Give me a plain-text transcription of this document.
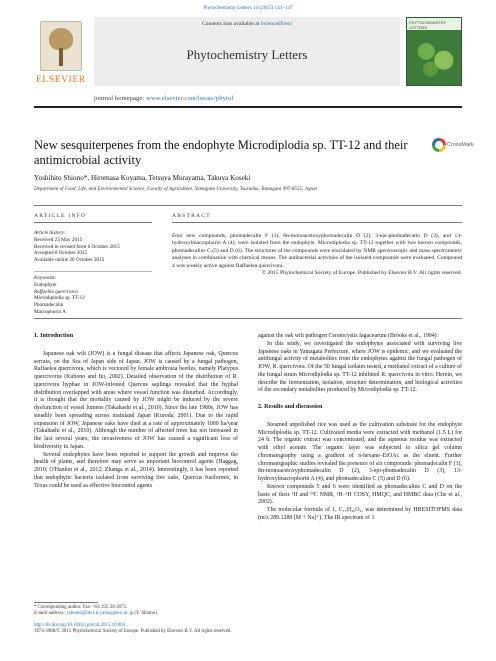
Phytochemistry Letters 14 (2015) 143–147
ELSEVIER
Contents lists available at ScienceDirect
Phytochemistry Letters
PHYTOCHEMISTRY LETTERS
journal homepage: www.elsevier.com/locate/phytol
New sesquiterpenes from the endophyte Microdiplodia sp. TT-12 and their antimicrobial activity
CrossMark
Yoshihito Shiono*, Hiromasa Koyama, Tetsuya Murayama, Takuya Koseki
Department of Food, Life, and Environmental Science, Faculty of Agriculture, Yamagata University, Tsuruoka, Yamagata 997-8555, Japan
ARTICLE INFO	ABSTRACT
Article history:
Received 23 May 2015
Received in revised form 6 October 2015
Accepted 8 October 2015
Available online 20 October 2015
Keywords:
Endophyte
Raffaelea quercivora
Microdiplodia sp. TT-12
Phomadecalin
Macrophorin A
Four new compounds, phomadecalin F (1), 8α-monoacetoxyphomadecalin D (2), 3-epi-phomadecalin D (3), and 13-hydroxylmacrophorin A (4), were isolated from the endophyte, Microdiplodia sp. TT-12 together with two known compounds, phomadecalins C (5) and D (6). The structures of the compounds were elucidated by NMR spectroscopic and mass spectrometric analyses in combination with chemical means. The antibacterial activities of the isolated compounds were evaluated. Compound 4 was weakly active against Raffaelea quercivora.
© 2015 Phytochemical Society of Europe. Published by Elsevier B.V. All rights reserved.
1. Introduction

Japanese oak wilt (JOW) is a fungal disease that affects Japanese oak, Quercus serrata, on the Sea of Japan side of Japan. JOW is caused by a fungal pathogen, Raffaelea quercivora, which is vectored by female ambrosia beetles, namely Platypus quercivorus (Kubono and Ito, 2002). Detailed observation of the distribution of R. quercivora hyphae in JOW-infested Quercus saplings revealed that the hyphal distribution overlapped with areas where vessel function was disturbed. Accordingly, it is thought that the mortality caused by JOW might be induced by the severe dysfunction of vessel lumens (Takahashi et al., 2010). Since the late 1980s, JOW has steadily been spreading across mainland Japan (Kuroda, 2001). Due to the rapid expansion of JOW, Japanese oaks have died at a rate of approximately 1000 ha/year (Takahashi et al., 2010). Although the number of affected trees has not increased in the last several years, the invasiveness of JOW has caused a significant loss of biodiversity in Japan.

Several endophytes have been reported to support the growth and improve the health of plants, and therefore may serve as important biocontrol agents (Haggag, 2010; O'Hanlon et al., 2012; Zhanga et al., 2014). Interestingly, it has been reported that endophytic bacteria isolated from surviving live oaks, Quercus fusiformis, in Texas could be used as effective biocontrol agents

against the oak wilt pathogen Ceratocystis fagacearum (Brooks et al., 1994).

In this study, we investigated the endophytes associated with surviving live Japanese oaks in Yamagata Prefecture, where JOW is epidemic, and we evaluated the antifungal activity of metabolites from the endophytes against the fungal pathogen of JOW, R. quercivora. Of the 50 fungal isolates tested, a methanol extract of a culture of the fungal strain Microdiplodia sp. TT-12 inhibited R. quercivora in vitro. Herein, we describe the fermentation, isolation, structure determination, and biological activities of the secondary metabolites produced by Microdiplodia sp. TT-12.

2. Results and discussion

Steamed unpolished rice was used as the cultivation substrate for the endophyte Microdiplodia sp. TT-12. Cultivated media were extracted with methanol (1.5 L) for 24 h. The organic extract was concentrated, and the aqueous residue was extracted with ethyl acetate. The organic layer was subjected to silica gel column chromatography using a gradient of n-hexane–EtOAc as the eluent. Further chromatographic studies revealed the presence of six compounds: phomadecalin F (1), 8α-monoacetoxyphomadecalin D (2), 3-epi-phomadecalin D (3), 13-hydroxylmacrophorin A (4), and phomadecalins C (5) and D (6).

Known compounds 5 and 6 were identified as phomadecalins C and D on the basis of their ¹H and ¹³C NMR, ¹H–¹H COSY, HMQC, and HMBC data (Che et al., 2002).

The molecular formula of 1, C₁₅H₂₆O₄, was determined by HRESITOFMS data (m/z 289.1289 [M + Na]⁺). The IR spectrum of 1

* Corresponding author. Fax: +81 235 28 2873.
E-mail address: yshiono@tds1.tr.yamagata-u.ac.jp (Y. Shiono).
http://dx.doi.org/10.1016/j.phytol.2015.10.004
1874-3900/© 2015 Phytochemical Society of Europe. Published by Elsevier B.V. All rights reserved.
